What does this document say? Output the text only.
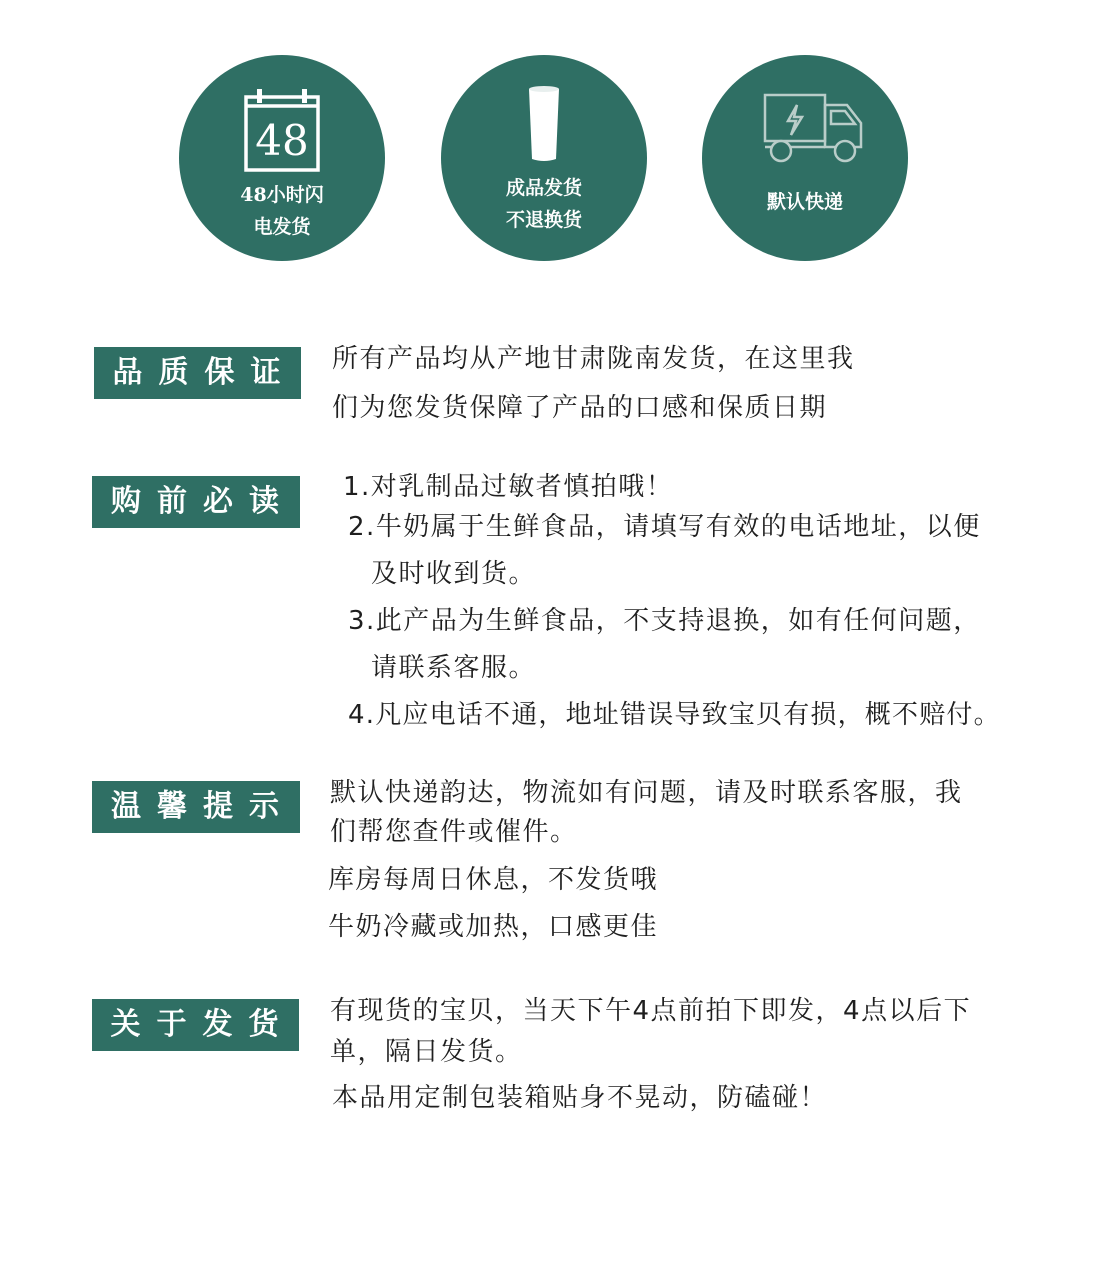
48
48小时闪
电发货
成品发货
不退换货
默认快递
品质保证 所有产品均从产地甘肃陇南发货，在这里我
们为您发货保障了产品的口感和保质日期
购前必读 1.对乳制品过敏者慎拍哦！
2.牛奶属于生鲜食品，请填写有效的电话地址，以便
及时收到货。
3.此产品为生鲜食品，不支持退换，如有任何问题，
请联系客服。
4.凡应电话不通，地址错误导致宝贝有损，概不赔付。
温馨提示 默认快递韵达，物流如有问题，请及时联系客服，我
们帮您查件或催件。
库房每周日休息，不发货哦
牛奶冷藏或加热，口感更佳
关于发货 有现货的宝贝，当天下午4点前拍下即发，4点以后下
单，隔日发货。
本品用定制包装箱贴身不晃动，防磕碰！
